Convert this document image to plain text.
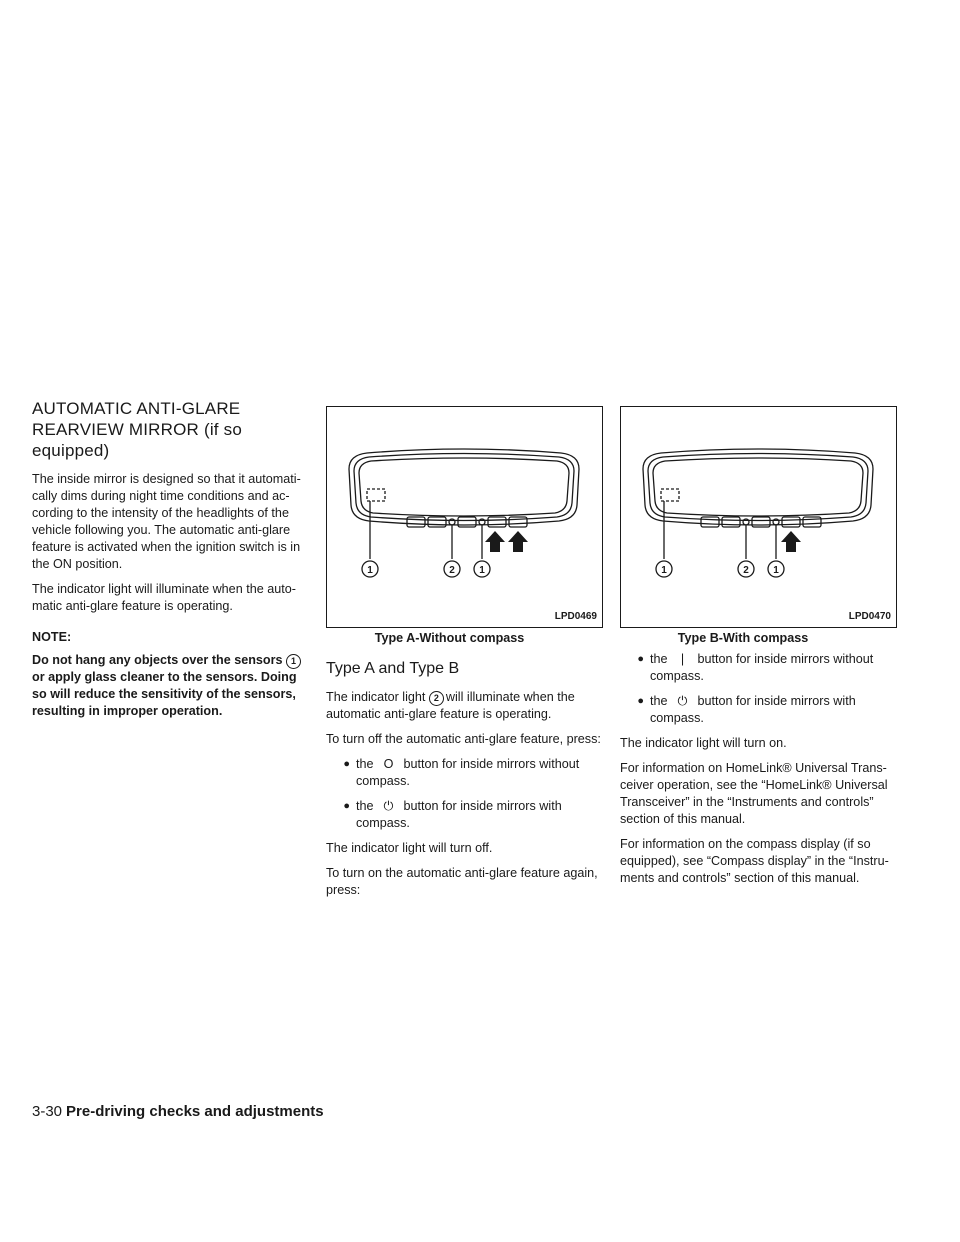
AUTOMATIC ANTI-GLARE
REARVIEW MIRROR (if so equipped)

The inside mirror is designed so that it automati- cally dims during night time conditions and ac- cording to the intensity of the headlights of the vehicle following you. The automatic anti-glare feature is activated when the ignition switch is in the ON position.

The indicator light will illuminate when the auto- matic anti-glare feature is operating.

NOTE:

Do not hang any objects over the sensors 1or apply glass cleaner to the sensors. Doing so will reduce the sensitivity of the sensors, resulting in improper operation.

1	2 1
LPD0469
Type A-Without compass
Type A and Type B

The indicator light 2 will illuminate when the automatic anti-glare feature is operating.

To turn off the automatic anti-glare feature, press:

● the O button for inside mirrors without compass.
● the ⏻ button for inside mirrors with compass.

The indicator light will turn off.

To turn on the automatic anti-glare feature again, press:

1	2 1
LPD0470
Type B-With compass
● the | button for inside mirrors without compass.
● the ⏻ button for inside mirrors with compass.

The indicator light will turn on.

For information on HomeLink® Universal Trans- ceiver operation, see the “HomeLink® Universal Transceiver” in the “Instruments and controls” section of this manual.

For information on the compass display (if so equipped), see “Compass display” in the “Instru- ments and controls” section of this manual.

3-30 Pre-driving checks and adjustments
